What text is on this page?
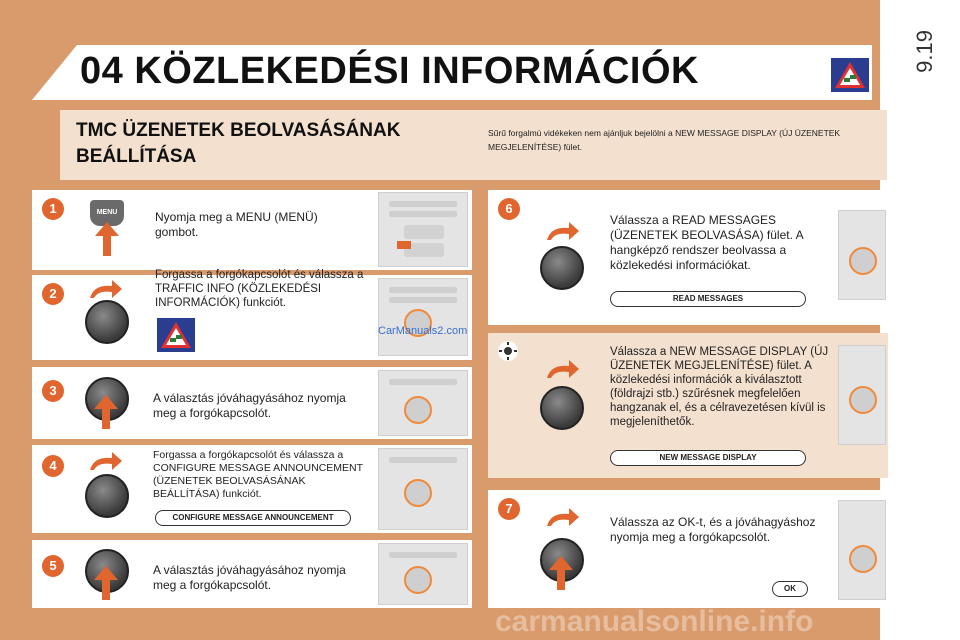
9.19
04 KÖZLEKEDÉSI INFORMÁCIÓK
TMC ÜZENETEK BEOLVASÁSÁNAK BEÁLLÍTÁSA
Sűrű forgalmú vidékeken nem ajánljuk bejelölni a NEW MESSAGE DISPLAY (ÚJ ÜZENETEK MEGJELENÍTÉSE) fület.
1	MENU	Nyomja meg a MENU (MENÜ) gombot.
2
Forgassa a forgókapcsolót és válassza a TRAFFIC INFO (KÖZLEKEDÉSI INFORMÁCIÓK) funkciót.
CarManuals2.com
3	A választás jóváhagyásához nyomja meg a forgókapcsolót.
4
Forgassa a forgókapcsolót és válassza a CONFIGURE MESSAGE ANNOUNCEMENT (ÜZENETEK BEOLVASÁSÁNAK BEÁLLÍTÁSA) funkciót.
CONFIGURE MESSAGE ANNOUNCEMENT
5	A választás jóváhagyásához nyomja meg a forgókapcsolót.
6
Válassza a READ MESSAGES (ÜZENETEK BEOLVASÁSA) fület. A hangképző rendszer beolvassa a közlekedési információkat.
READ MESSAGES
Válassza a NEW MESSAGE DISPLAY (ÚJ ÜZENETEK MEGJELENÍTÉSE) fület. A közlekedési információk a kiválasztott (földrajzi stb.) szűrésnek megfelelően hangzanak el, és a célravezetésen kívül is megjeleníthetők.
NEW MESSAGE DISPLAY
7
Válassza az OK-t, és a jóváhagyáshoz nyomja meg a forgókapcsolót.
OK
carmanualsonline.info
